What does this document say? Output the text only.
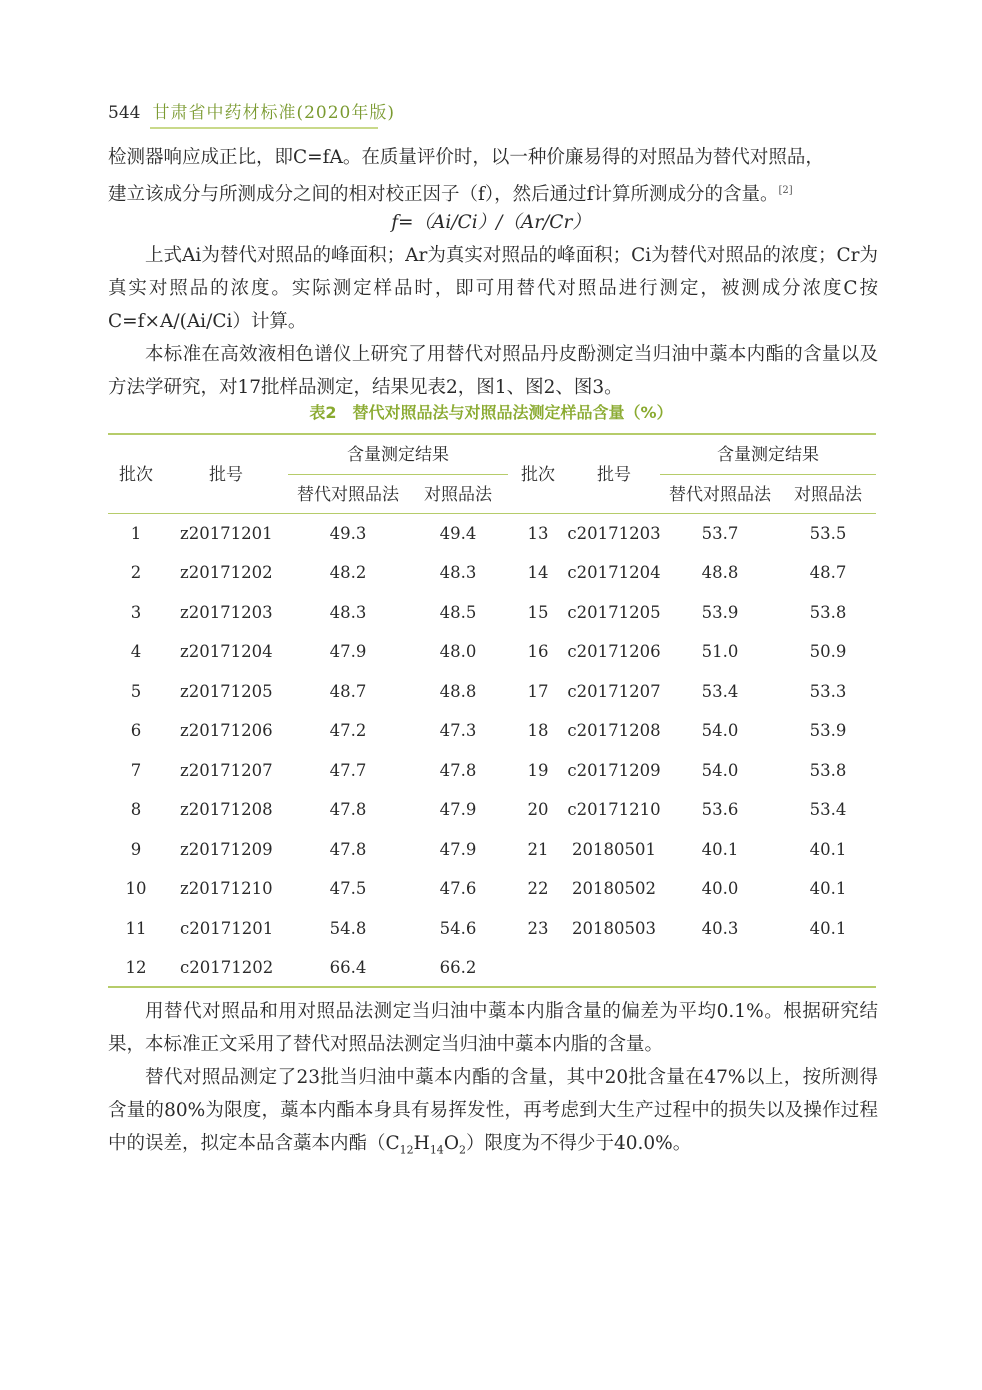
544 甘肃省中药材标准(2020年版)

检测器响应成正比，即C=fA。在质量评价时，以一种价廉易得的对照品为替代对照品，
建立该成分与所测成分之间的相对校正因子（f），然后通过f计算所测成分的含量。[2]

f=（Ai/Ci）/（Ar/Cr）

上式Ai为替代对照品的峰面积；Ar为真实对照品的峰面积；Ci为替代对照品的浓度；Cr为真实对照品的浓度。实际测定样品时，即可用替代对照品进行测定，被测成分浓度C按C=f×A/(Ai/Ci）计算。

本标准在高效液相色谱仪上研究了用替代对照品丹皮酚测定当归油中藁本内酯的含量以及方法学研究，对17批样品测定，结果见表2，图1、图2、图3。

表2　替代对照品法与对照品法测定样品含量（%）
批次	批号
含量测定结果
替代对照品法	对照品法
批次	批号
含量测定结果
替代对照品法	对照品法
1	z20171201	49.3	49.4
2	z20171202	48.2	48.3
3	z20171203	48.3	48.5
4	z20171204	47.9	48.0
5	z20171205	48.7	48.8
6	z20171206	47.2	47.3
7	z20171207	47.7	47.8
8	z20171208	47.8	47.9
9	z20171209	47.8	47.9
10	z20171210	47.5	47.6
11	c20171201	54.8	54.6
12	c20171202	66.4	66.2
13	c20171203	53.7	53.5
14	c20171204	48.8	48.7
15	c20171205	53.9	53.8
16	c20171206	51.0	50.9
17	c20171207	53.4	53.3
18	c20171208	54.0	53.9
19	c20171209	54.0	53.8
20	c20171210	53.6	53.4
21	20180501	40.1	40.1
22	20180502	40.0	40.1
23	20180503	40.3	40.1

用替代对照品和用对照品法测定当归油中藁本内脂含量的偏差为平均0.1%。根据研究结果，本标准正文采用了替代对照品法测定当归油中藁本内脂的含量。

替代对照品测定了23批当归油中藁本内酯的含量，其中20批含量在47%以上，按所测得含量的80%为限度，藁本内酯本身具有易挥发性，再考虑到大生产过程中的损失以及操作过程中的误差，拟定本品含藁本内酯$(C_{12}H_{14}O_2)$限度为不得少于40.0%。
